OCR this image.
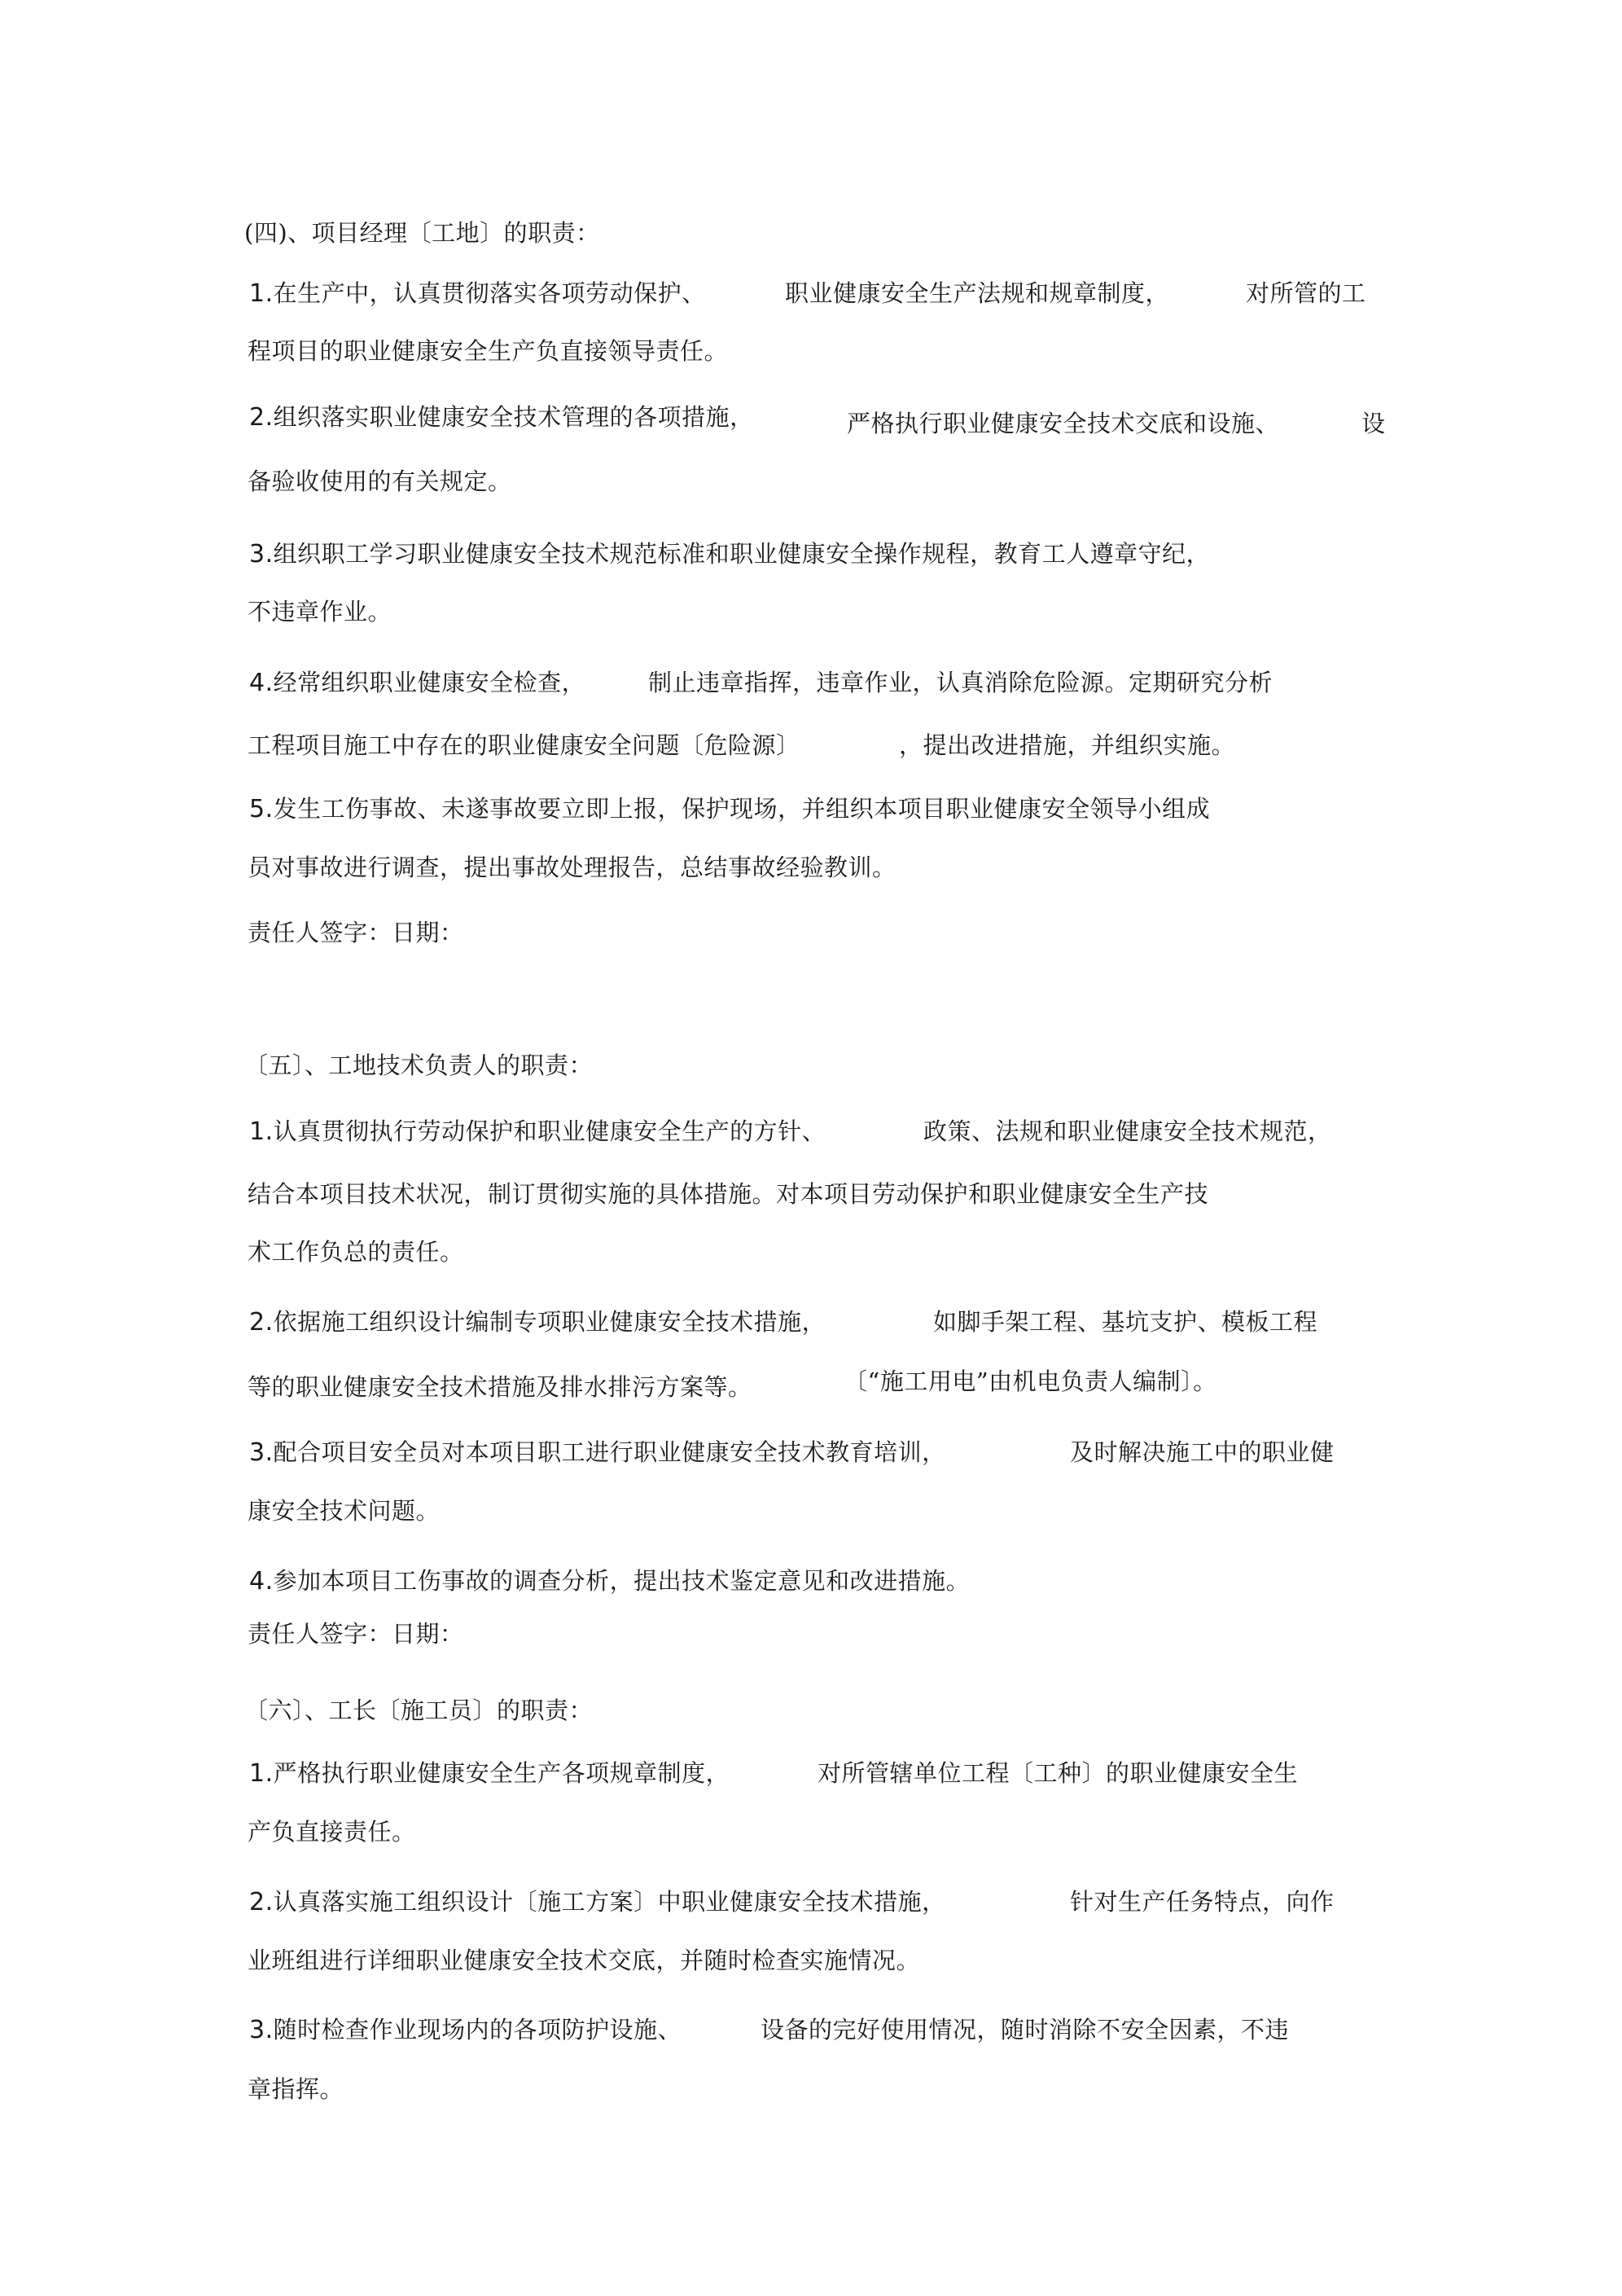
(四)、项目经理〔工地〕的职责：
1.在生产中，认真贯彻落实各项劳动保护、	职业健康安全生产法规和规章制度，	对所管的工
程项目的职业健康安全生产负直接领导责任。
2.组织落实职业健康安全技术管理的各项措施，	严格执行职业健康安全技术交底和设施、	设
备验收使用的有关规定。
3.组织职工学习职业健康安全技术规范标准和职业健康安全操作规程，教育工人遵章守纪，
不违章作业。
4.经常组织职业健康安全检查，	制止违章指挥，违章作业，认真消除危险源。定期研究分析
工程项目施工中存在的职业健康安全问题〔危险源〕	，提出改进措施，并组织实施。
5.发生工伤事故、未遂事故要立即上报，保护现场，并组织本项目职业健康安全领导小组成
员对事故进行调查，提出事故处理报告，总结事故经验教训。
责任人签字：日期：
〔五〕、工地技术负责人的职责：
1.认真贯彻执行劳动保护和职业健康安全生产的方针、	政策、法规和职业健康安全技术规范，
结合本项目技术状况，制订贯彻实施的具体措施。对本项目劳动保护和职业健康安全生产技
术工作负总的责任。
2.依据施工组织设计编制专项职业健康安全技术措施，	如脚手架工程、基坑支护、模板工程
等的职业健康安全技术措施及排水排污方案等。	〔“施工用电”由机电负责人编制〕。
3.配合项目安全员对本项目职工进行职业健康安全技术教育培训，	及时解决施工中的职业健
康安全技术问题。
4.参加本项目工伤事故的调查分析，提出技术鉴定意见和改进措施。
责任人签字：日期：
〔六〕、工长〔施工员〕的职责：
1.严格执行职业健康安全生产各项规章制度，	对所管辖单位工程〔工种〕的职业健康安全生
产负直接责任。
2.认真落实施工组织设计〔施工方案〕中职业健康安全技术措施，	针对生产任务特点，向作
业班组进行详细职业健康安全技术交底，并随时检查实施情况。
3.随时检查作业现场内的各项防护设施、	设备的完好使用情况，随时消除不安全因素，不违
章指挥。
